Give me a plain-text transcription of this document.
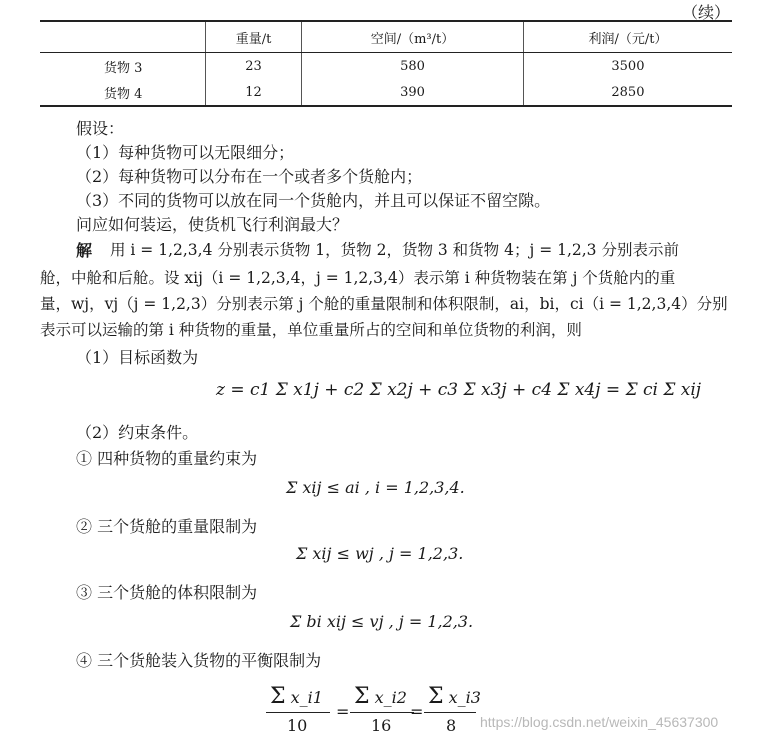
（续）
	重量/t	空间/（m³/t）	利润/（元/t）
货物 3	23	580	3500
货物 4	12	390	2850
假设：
（1）每种货物可以无限细分；
（2）每种货物可以分布在一个或者多个货舱内；
（3）不同的货物可以放在同一个货舱内，并且可以保证不留空隙。
问应如何装运，使货机飞行利润最大？
解 用 i = 1,2,3,4 分别表示货物 1，货物 2，货物 3 和货物 4；j = 1,2,3 分别表示前
舱，中舱和后舱。设 xij（i = 1,2,3,4，j = 1,2,3,4）表示第 i 种货物装在第 j 个货舱内的重
量，wj，vj（j = 1,2,3）分别表示第 j 个舱的重量限制和体积限制，ai，bi，ci（i = 1,2,3,4）分别
表示可以运输的第 i 种货物的重量，单位重量所占的空间和单位货物的利润，则
（1）目标函数为
z = c1 Σ x1j + c2 Σ x2j + c3 Σ x3j + c4 Σ x4j = Σ ci Σ xij
（2）约束条件。
① 四种货物的重量约束为
Σ xij ≤ ai , i = 1,2,3,4.
② 三个货舱的重量限制为
Σ xij ≤ wj , j = 1,2,3.
③ 三个货舱的体积限制为
Σ bi xij ≤ vj , j = 1,2,3.
④ 三个货舱装入货物的平衡限制为
Σ x_i1
10
=
Σ x_i2
16
=
Σ x_i3
8 https://blog.csdn.net/weixin_45637300
